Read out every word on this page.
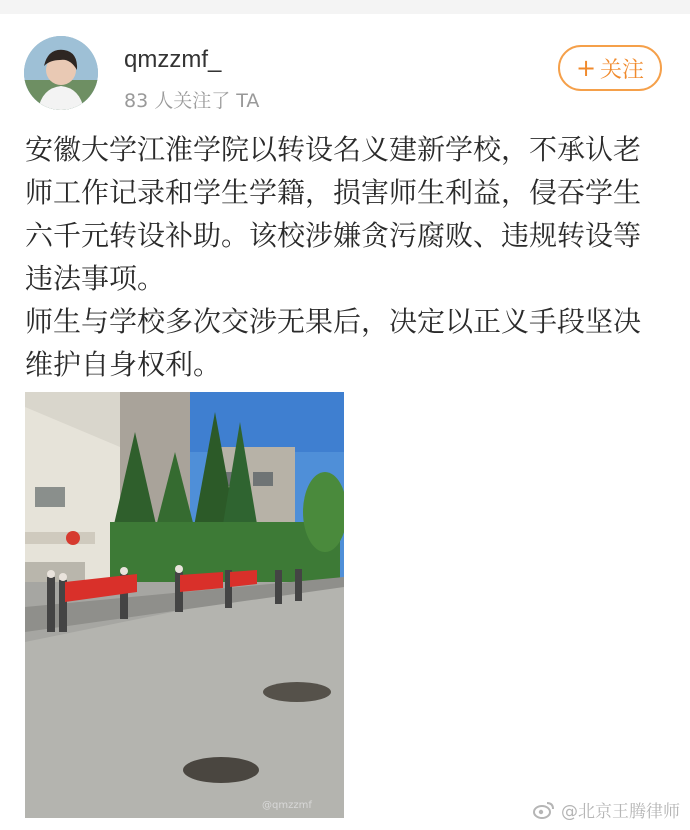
qmzzmf_
83 人关注了 TA
+ 关注

安徽大学江淮学院以转设名义建新学校，不承认老

师工作记录和学生学籍，损害师生利益，侵吞学生

六千元转设补助。该校涉嫌贪污腐败、违规转设等

违法事项。

师生与学校多次交涉无果后，决定以正义手段坚决

维护自身权利。

@qmzzmf	@北京王腾律师
